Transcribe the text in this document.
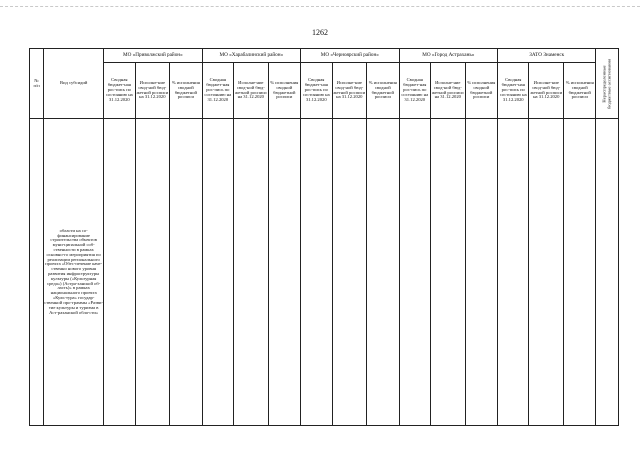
1262
№
п/п	Вид субсидий	МО «Приволжский район»			МО «Харабалинский район»			МО «Черноярский район»			МО «Город Астрахань»			ЗАТО Знаменск			Нераспределенные
бюджетные ассигнования

		Сводная бюджет-ная рос-пись по состоянию на 31.12.2020	Исполне-ние свод-ной бюд-жетной росписи на 31.12.2020	% исполнения сводной бюджетной росписи	Сводная бюджет-ная рос-пись по состоянию на 31.12.2020	Исполне-ние свод-ной бюд-жетной росписи на 31.12.2020	% исполнения сводной бюджетной росписи	Сводная бюджет-ная рос-пись по состоянию на 31.12.2020	Исполне-ние свод-ной бюд-жетной росписи на 31.12.2020	% исполнения сводной бюджетной росписи	Сводная бюджет-ная рос-пись по состоянию на 31.12.2020	Исполне-ние свод-ной бюд-жетной росписи на 31.12.2020	% исполнения сводной бюджетной росписи	Сводная бюджет-ная рос-пись по состоянию на 31.12.2020	Исполне-ние свод-ной бюд-жетной росписи на 31.12.2020	% исполнения сводной бюджетной росписи	
	области на со-финансирование строительства объектов муни-ципальной соб-ственности в рамках основно-го мероприятия по реализации регионального проекта «Обес-печение каче-ственно нового уровня развития инфраструктуры культуры («Культурная среда») (Астра-ханской об-ласть)» в рамках национального проекта «Куль-тура» государ-ственной про-граммы «Разви-тие культуры и туризма в Аст-раханской обла-сти»																
